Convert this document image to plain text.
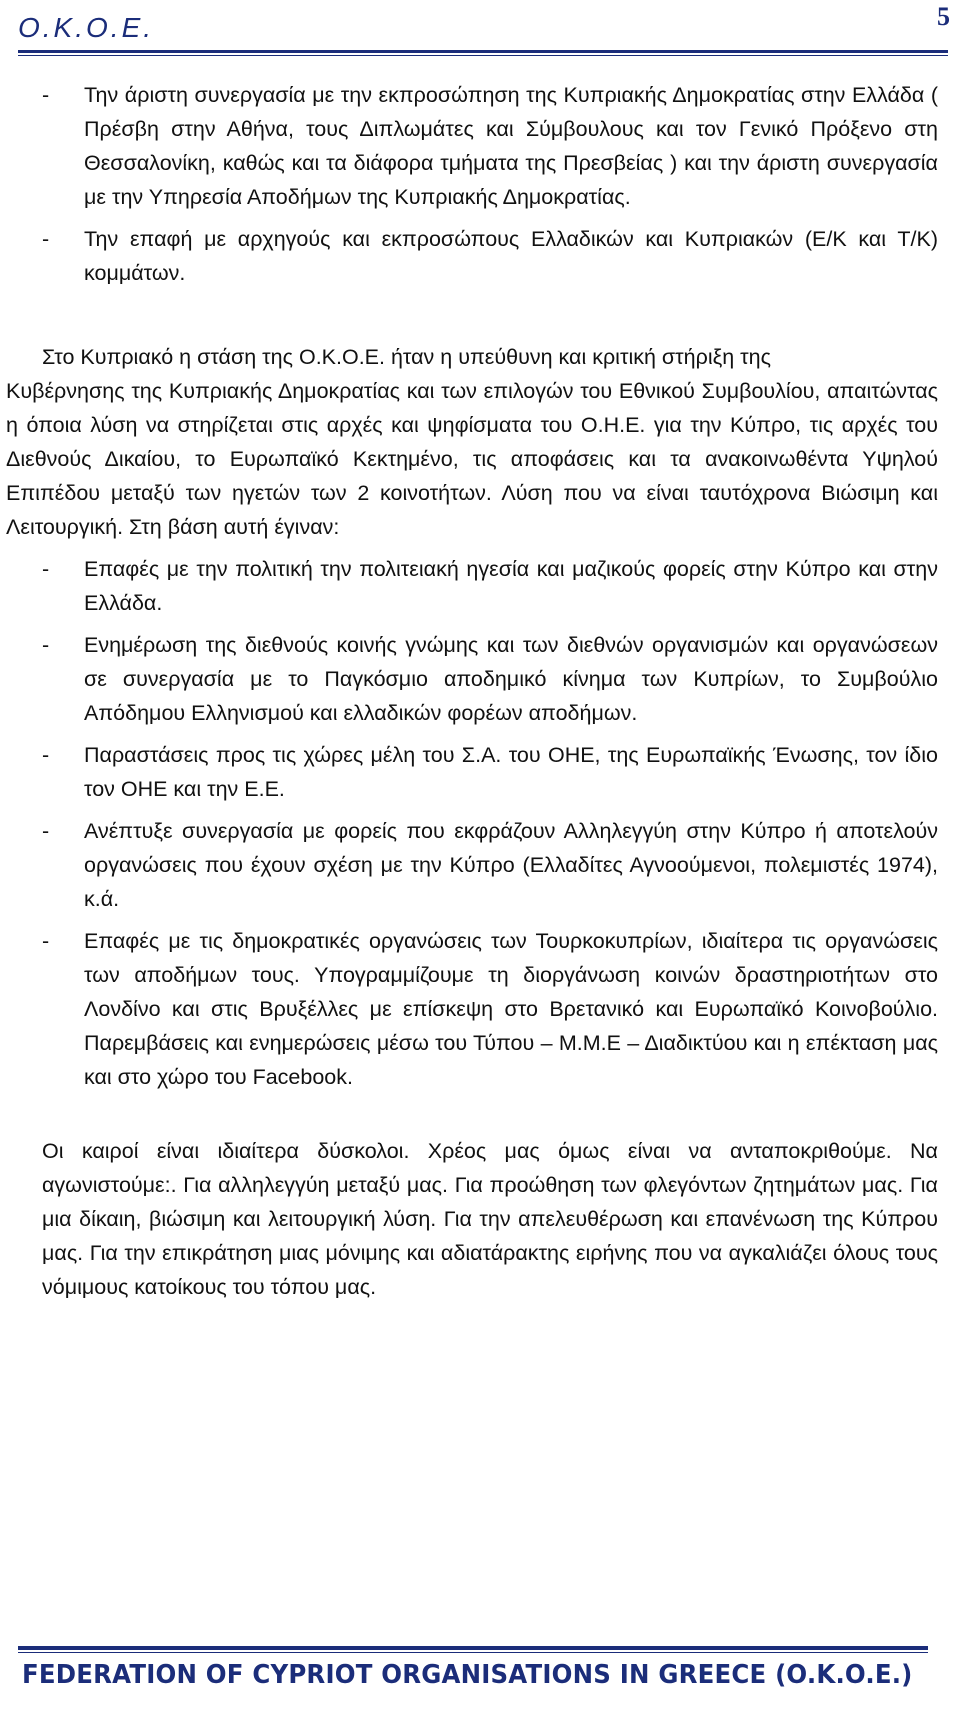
O.K.O.E.	5
- Την άριστη συνεργασία με την εκπροσώπηση της Κυπριακής Δημοκρατίας στην Ελλάδα ( Πρέσβη στην Αθήνα, τους Διπλωμάτες και Σύμβουλους και τον Γενικό Πρόξενο στη Θεσσαλονίκη, καθώς και τα διάφορα τμήματα της Πρεσβείας ) και την άριστη συνεργασία με την Υπηρεσία Αποδήμων της Κυπριακής Δημοκρατίας.
- Την επαφή με αρχηγούς και εκπροσώπους Ελλαδικών και Κυπριακών (Ε/Κ και Τ/Κ) κομμάτων.
Στο Κυπριακό η στάση της Ο.Κ.Ο.Ε. ήταν η υπεύθυνη και κριτική στήριξη της
Κυβέρνησης της Κυπριακής Δημοκρατίας και των επιλογών του Εθνικού Συμβουλίου, απαιτώντας η όποια λύση να στηρίζεται στις αρχές και ψηφίσματα του Ο.Η.Ε. για την Κύπρο, τις αρχές του Διεθνούς Δικαίου, το Ευρωπαϊκό Κεκτημένο, τις αποφάσεις και τα ανακοινωθέντα Υψηλού Επιπέδου μεταξύ των ηγετών των 2 κοινοτήτων. Λύση που να είναι ταυτόχρονα Βιώσιμη και Λειτουργική. Στη βάση αυτή έγιναν:
- Επαφές με την πολιτική την πολιτειακή ηγεσία και μαζικούς φορείς στην Κύπρο και στην Ελλάδα.
- Ενημέρωση της διεθνούς κοινής γνώμης και των διεθνών οργανισμών και οργανώσεων σε συνεργασία με το Παγκόσμιο αποδημικό κίνημα των Κυπρίων, το Συμβούλιο Απόδημου Ελληνισμού και ελλαδικών φορέων αποδήμων.
- Παραστάσεις προς τις χώρες μέλη του Σ.Α. του ΟΗΕ, της Ευρωπαϊκής Ένωσης, τον ίδιο τον ΟΗΕ και την Ε.Ε.
- Ανέπτυξε συνεργασία με φορείς που εκφράζουν Αλληλεγγύη στην Κύπρο ή αποτελούν οργανώσεις που έχουν σχέση με την Κύπρο (Ελλαδίτες Αγνοούμενοι, πολεμιστές 1974), κ.ά.
- Επαφές με τις δημοκρατικές οργανώσεις των Τουρκοκυπρίων, ιδιαίτερα τις οργανώσεις των αποδήμων τους. Υπογραμμίζουμε τη διοργάνωση κοινών δραστηριοτήτων στο Λονδίνο και στις Βρυξέλλες με επίσκεψη στο Βρετανικό και Ευρωπαϊκό Κοινοβούλιο. Παρεμβάσεις και ενημερώσεις μέσω του Τύπου – Μ.Μ.Ε – Διαδικτύου και η επέκταση μας και στο χώρο του Facebook.
Οι καιροί είναι ιδιαίτερα δύσκολοι. Χρέος μας όμως είναι να ανταποκριθούμε. Να αγωνιστούμε:. Για αλληλεγγύη μεταξύ μας. Για προώθηση των φλεγόντων ζητημάτων μας. Για μια δίκαιη, βιώσιμη και λειτουργική λύση. Για την απελευθέρωση και επανένωση της Κύπρου μας. Για την επικράτηση μιας μόνιμης και αδιατάρακτης ειρήνης που να αγκαλιάζει όλους τους νόμιμους κατοίκους του τόπου μας.
FEDERATION OF CYPRIOT ORGANISATIONS IN GREECE (O.K.O.E.)
